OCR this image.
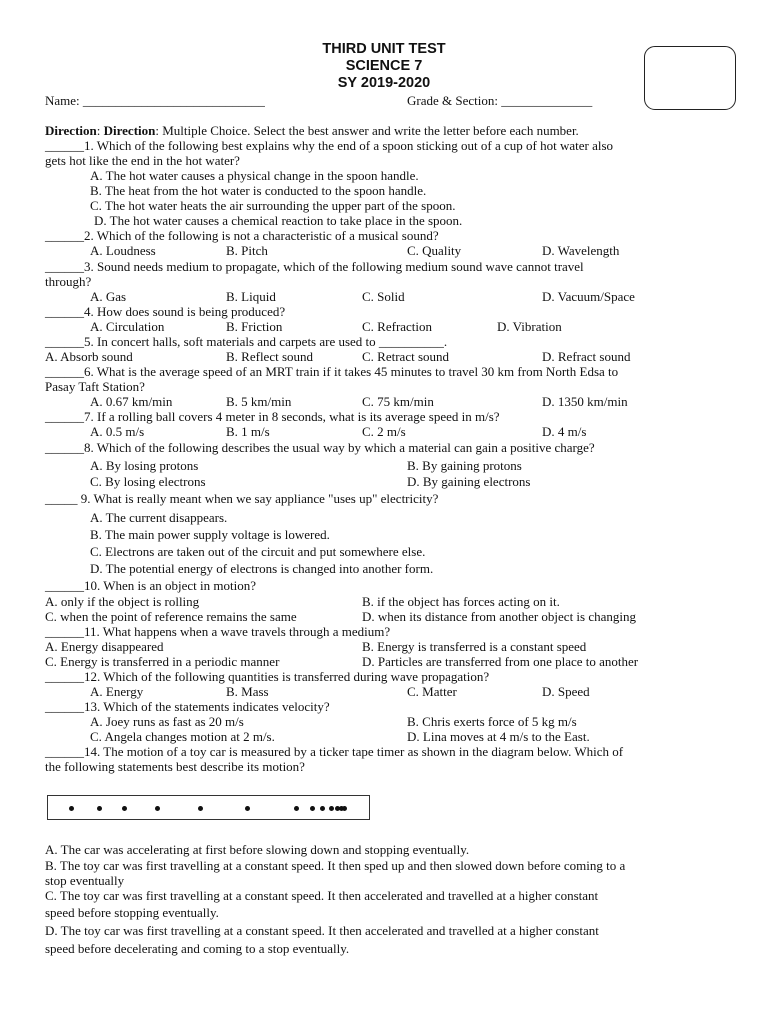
THIRD UNIT TEST
SCIENCE 7
SY 2019-2020
Name: ____________________________	Grade & Section: ______________
Direction: Direction: Multiple Choice. Select the best answer and write the letter before each number.
______1. Which of the following best explains why the end of a spoon sticking out of a cup of hot water also
gets hot like the end in the hot water?
A. The hot water causes a physical change in the spoon handle.
B. The heat from the hot water is conducted to the spoon handle.
C. The hot water heats the air surrounding the upper part of the spoon.
D. The hot water causes a chemical reaction to take place in the spoon.
______2. Which of the following is not a characteristic of a musical sound?
A. Loudness	B. Pitch	C. Quality	D. Wavelength
______3. Sound needs medium to propagate, which of the following medium sound wave cannot travel
through?
A. Gas	B. Liquid	C. Solid	D. Vacuum/Space
______4. How does sound is being produced?
A. Circulation	B. Friction	C. Refraction	D. Vibration
______5. In concert halls, soft materials and carpets are used to __________.
A. Absorb sound	B. Reflect sound	C. Retract sound	D. Refract sound
______6. What is the average speed of an MRT train if it takes 45 minutes to travel 30 km from North Edsa to
Pasay Taft Station?
A. 0.67 km/min	B. 5 km/min	C. 75 km/min	D. 1350 km/min
______7. If a rolling ball covers 4 meter in 8 seconds, what is its average speed in m/s?
A. 0.5 m/s	B. 1 m/s	C. 2 m/s	D. 4 m/s
______8. Which of the following describes the usual way by which a material can gain a positive charge?
A. By losing protons	B. By gaining protons
C. By losing electrons	D. By gaining electrons
_____ 9. What is really meant when we say appliance "uses up" electricity?
A. The current disappears.
B. The main power supply voltage is lowered.
C. Electrons are taken out of the circuit and put somewhere else.
D. The potential energy of electrons is changed into another form.
______10. When is an object in motion?
A. only if the object is rolling	B. if the object has forces acting on it.
C. when the point of reference remains the same	D. when its distance from another object is changing
______11. What happens when a wave travels through a medium?
A. Energy disappeared	B. Energy is transferred is a constant speed
C. Energy is transferred in a periodic manner	D. Particles are transferred from one place to another
______12. Which of the following quantities is transferred during wave propagation?
A. Energy	B. Mass	C. Matter	D. Speed
______13. Which of the statements indicates velocity?
A. Joey runs as fast as 20 m/s	B. Chris exerts force of 5 kg m/s
C. Angela changes motion at 2 m/s.	D. Lina moves at 4 m/s to the East.
______14. The motion of a toy car is measured by a ticker tape timer as shown in the diagram below. Which of
the following statements best describe its motion?
A. The car was accelerating at first before slowing down and stopping eventually.
B. The toy car was first travelling at a constant speed. It then sped up and then slowed down before coming to a
stop eventually
C. The toy car was first travelling at a constant speed. It then accelerated and travelled at a higher constant
speed before stopping eventually.
D. The toy car was first travelling at a constant speed. It then accelerated and travelled at a higher constant
speed before decelerating and coming to a stop eventually.
